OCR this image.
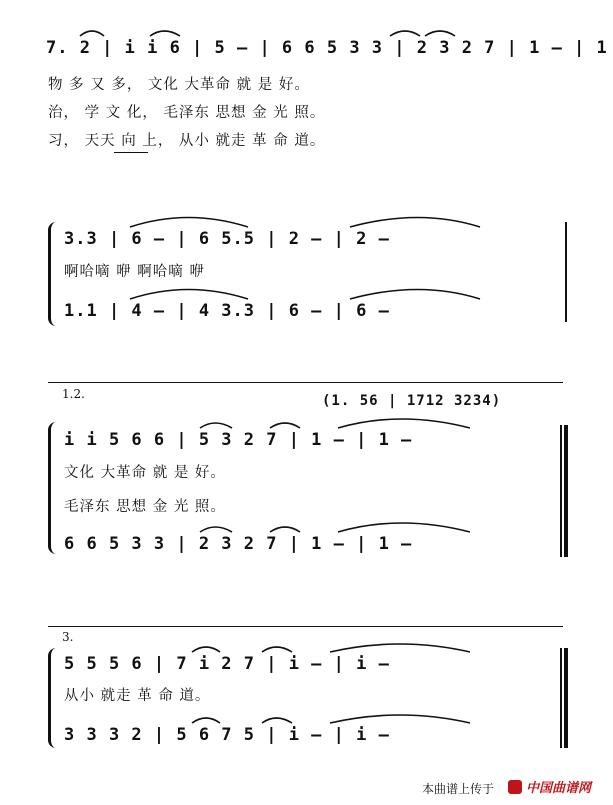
7. 2 | i i 6 | 5 – | 6 6 5 3 3 | 2 3 2 7 | 1 – | 1
物 多 又 多， 文化 大革命 就 是 好。
治， 学 文 化， 毛泽东 思想 金 光 照。
习， 天天 向 上， 从小 就走 革 命 道。
3.3 | 6 – | 6 5.5 | 2 – | 2 –
啊哈嘀 咿 啊哈嘀 咿
1.1 | 4 – | 4 3.3 | 6 – | 6 –
1.2.	(1. 56 | 1712 3234)
i i 5 6 6 | 5 3 2 7 | 1 – | 1 –
文化 大革命 就 是 好。
毛泽东 思想 金 光 照。
6 6 5 3 3 | 2 3 2 7 | 1 – | 1 –
3.
5 5 5 6 | 7 i 2 7 | i – | i –
从小 就走 革 命 道。
3 3 3 2 | 5 6 7 5 | i – | i –
本曲谱上传于 中国曲谱网
